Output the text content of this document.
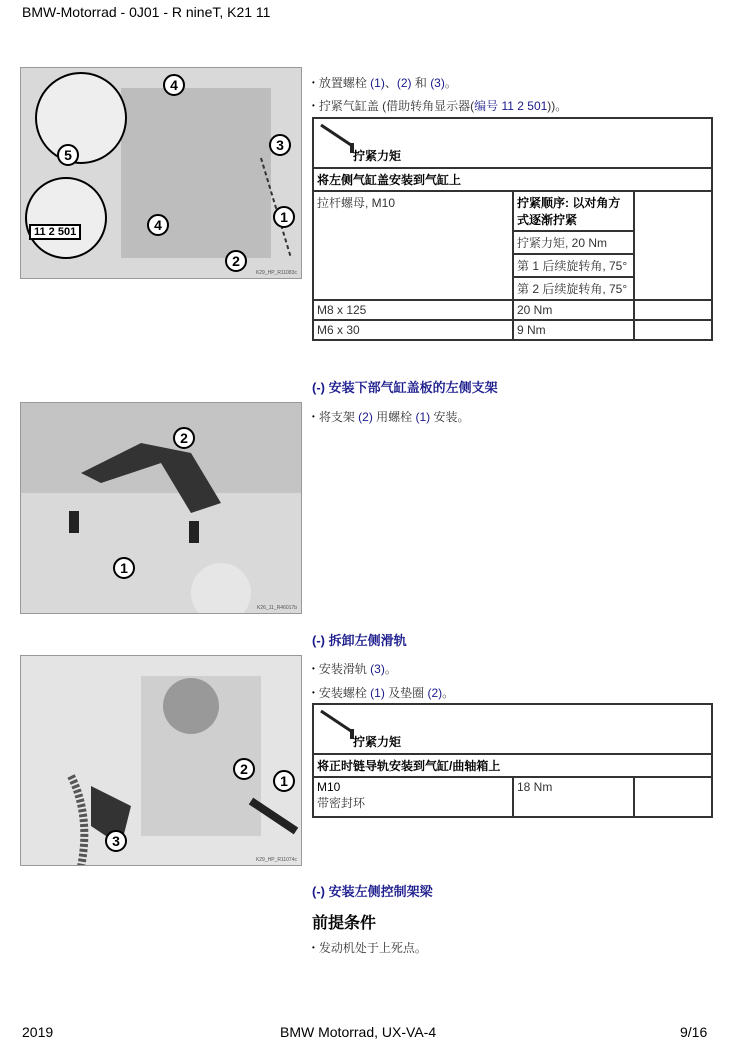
BMW-Motorrad - 0J01 - R nineT, K21 11
4
5
3
4	1
2
11 2 501
K29_HP_R11083c
• 放置螺栓 (1)、(2) 和 (3)。
• 拧紧气缸盖 (借助转角显示器(编号 11 2 501))。
拧紧力矩		

将左侧气缸盖安装到气缸上		
拉杆螺母, M10	拧紧顺序: 以对角方式逐渐拧紧	
	拧紧力矩, 20 Nm	
	第 1 后续旋转角, 75°	
	第 2 后续旋转角, 75°	
M8 x 125	20 Nm	
M6 x 30	9 Nm	
(-) 安装下部气缸盖板的左侧支架
2
1
K26_11_R46017b
• 将支架 (2) 用螺栓 (1) 安装。
(-) 拆卸左侧滑轨
2
1
3
K29_HP_R11074c
• 安装滑轨 (3)。
• 安装螺栓 (1) 及垫圈 (2)。
拧紧力矩

将正时链导轨安装到气缸/曲轴箱上

M10
带密封环
	18 Nm	
(-) 安装左侧控制架梁
前提条件
• 发动机处于上死点。
2019	BMW Motorrad, UX-VA-4	9/16
